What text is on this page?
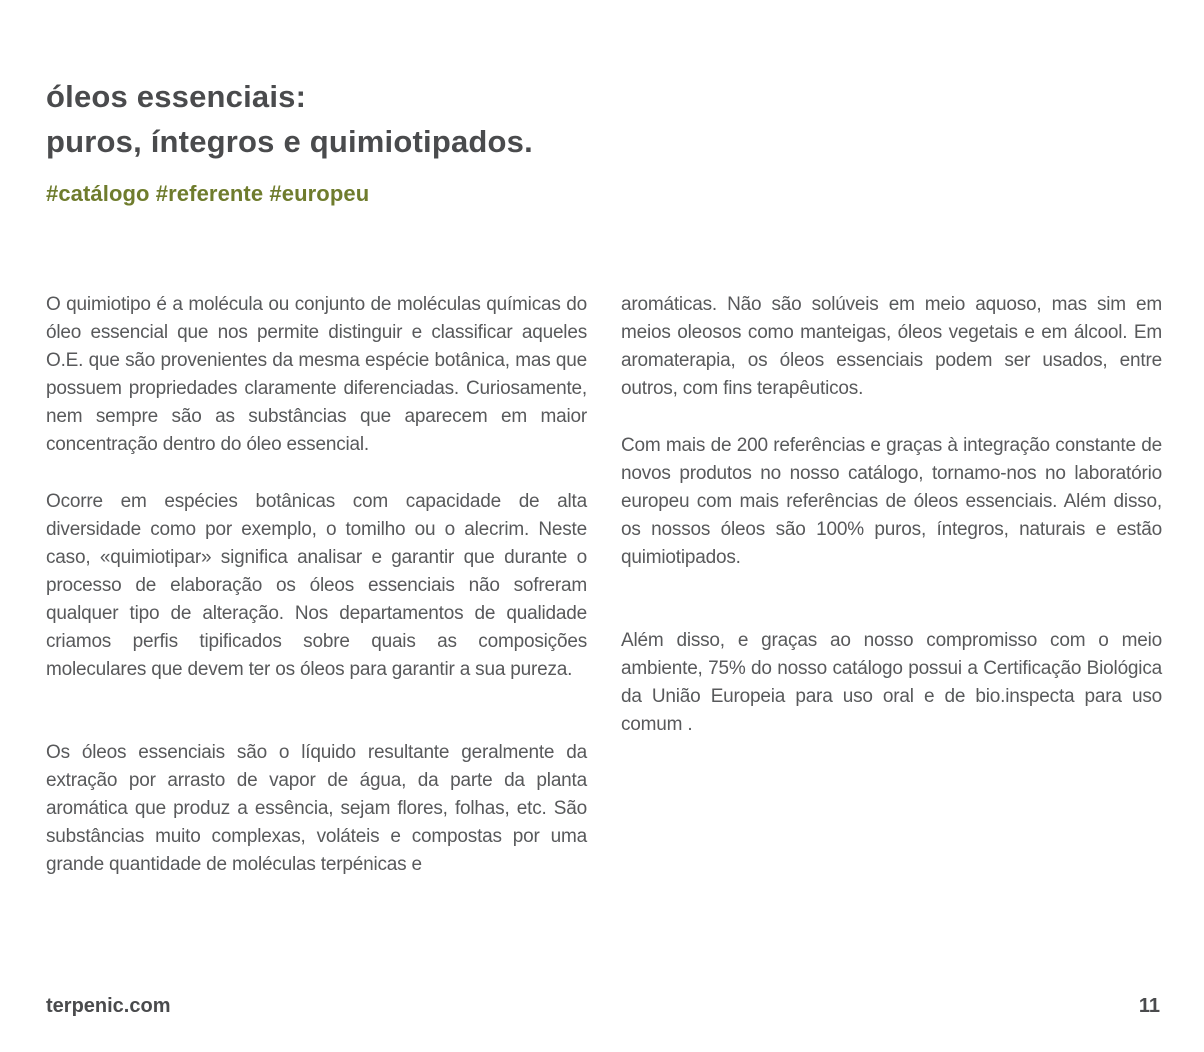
óleos essenciais:
puros, íntegros e quimiotipados.
#catálogo #referente #europeu

O quimiotipo é a molécula ou conjunto de moléculas químicas do óleo essencial que nos permite distinguir e classificar aqueles O.E. que são provenientes da mesma espécie botânica, mas que possuem propriedades claramente diferenciadas. Curiosamente, nem sempre são as substâncias que aparecem em maior concentração dentro do óleo essencial.

Ocorre em espécies botânicas com capacidade de alta diversidade como por exemplo, o tomilho ou o alecrim. Neste caso, «quimiotipar» significa analisar e garantir que durante o processo de elaboração os óleos essenciais não sofreram qualquer tipo de alteração. Nos departamentos de qualidade criamos perfis tipificados sobre quais as composições moleculares que devem ter os óleos para garantir a sua pureza.

Os óleos essenciais são o líquido resultante geralmente da extração por arrasto de vapor de água, da parte da planta aromática que produz a essência, sejam flores, folhas, etc. São substâncias muito complexas, voláteis e compostas por uma grande quantidade de moléculas terpénicas e

aromáticas. Não são solúveis em meio aquoso, mas sim em meios oleosos como manteigas, óleos vegetais e em álcool. Em aromaterapia, os óleos essenciais podem ser usados, entre outros, com fins terapêuticos.

Com mais de 200 referências e graças à integração constante de novos produtos no nosso catálogo, tornamo-nos no laboratório europeu com mais referências de óleos essenciais. Além disso, os nossos óleos são 100% puros, íntegros, naturais e estão quimiotipados.

Além disso, e graças ao nosso compromisso com o meio ambiente, 75% do nosso catálogo possui a Certificação Biológica da União Europeia para uso oral e de bio.inspecta para uso comum .

terpenic.com	11
